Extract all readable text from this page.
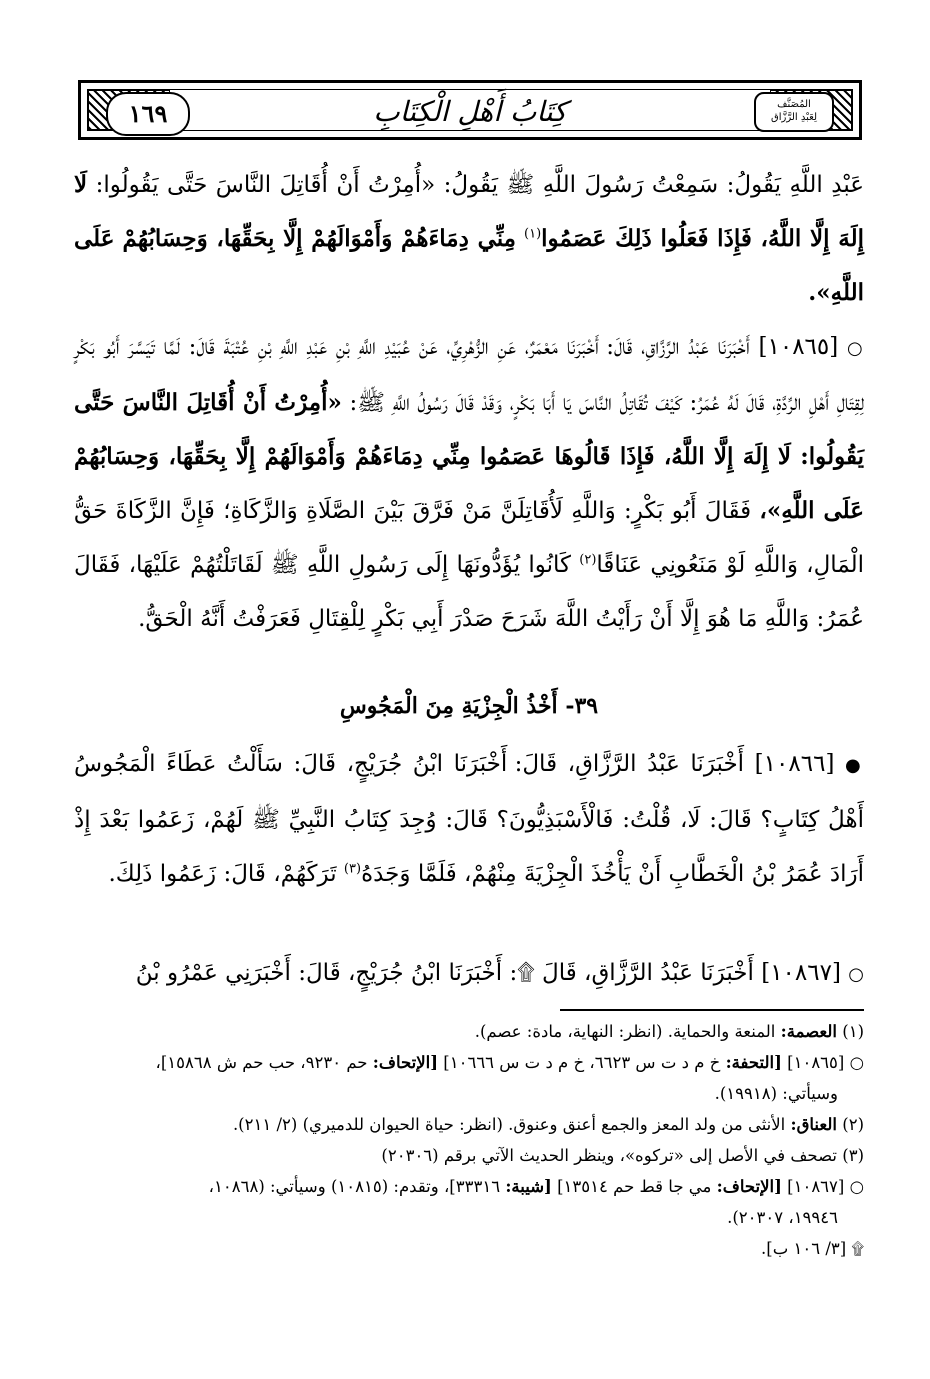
١٦٩	كِتَابُ أَهْلِ الْكِتَابِ	المُصَنَّف
لِعَبْدِ الرَّزَّاق
عَبْدِ اللَّهِ يَقُولُ: سَمِعْتُ رَسُولَ اللَّهِ ﷺ يَقُولُ: «أُمِرْتُ أَنْ أُقَاتِلَ النَّاسَ حَتَّى يَقُولُوا: لَا إِلَهَ إِلَّا اللَّهُ، فَإِذَا فَعَلُوا ذَلِكَ عَصَمُوا$^{(١)}$ مِنِّي دِمَاءَهُمْ وَأَمْوَالَهُمْ إِلَّا بِحَقِّهَا، وَحِسَابُهُمْ عَلَى اللَّهِ».
○ [١٠٨٦٥] أَخْبَرَنَا عَبْدُ الرَّزَّاقِ، قَالَ: أَخْبَرَنَا مَعْمَرٌ، عَنِ الزُّهْرِيِّ، عَنْ عُبَيْدِ اللَّهِ بْنِ عَبْدِ اللَّهِ بْنِ عُتْبَةَ قَالَ: لَمَّا تَيَسَّرَ أَبُو بَكْرٍ لِقِتَالِ أَهْلِ الرِّدَّةِ، قَالَ لَهُ عُمَرُ: كَيْفَ تُقَاتِلُ النَّاسَ يَا أَبَا بَكْرٍ، وَقَدْ قَالَ رَسُولُ اللَّهِ ﷺ: «أُمِرْتُ أَنْ أُقَاتِلَ النَّاسَ حَتَّى يَقُولُوا: لَا إِلَهَ إِلَّا اللَّهُ، فَإِذَا قَالُوهَا عَصَمُوا مِنِّي دِمَاءَهُمْ وَأَمْوَالَهُمْ إِلَّا بِحَقِّهَا، وَحِسَابُهُمْ عَلَى اللَّهِ»، فَقَالَ أَبُو بَكْرٍ: وَاللَّهِ لَأُقَاتِلَنَّ مَنْ فَرَّقَ بَيْنَ الصَّلَاةِ وَالزَّكَاةِ؛ فَإِنَّ الزَّكَاةَ حَقُّ الْمَالِ، وَاللَّهِ لَوْ مَنَعُونِي عَنَاقًا$^{(٢)}$ كَانُوا يُؤَدُّونَهَا إِلَى رَسُولِ اللَّهِ ﷺ لَقَاتَلْتُهُمْ عَلَيْهَا، فَقَالَ عُمَرُ: وَاللَّهِ مَا هُوَ إِلَّا أَنْ رَأَيْتُ اللَّهَ شَرَحَ صَدْرَ أَبِي بَكْرٍ لِلْقِتَالِ فَعَرَفْتُ أَنَّهُ الْحَقُّ.
٣٩- أَخْذُ الْجِزْيَةِ مِنَ الْمَجُوسِ
● [١٠٨٦٦] أَخْبَرَنَا عَبْدُ الرَّزَّاقِ، قَالَ: أَخْبَرَنَا ابْنُ جُرَيْجٍ، قَالَ: سَأَلْتُ عَطَاءً الْمَجُوسُ أَهْلُ كِتَابٍ؟ قَالَ: لَا، قُلْتُ: فَالْأَسْبَذِيُّونَ؟ قَالَ: وُجِدَ كِتَابُ النَّبِيِّ ﷺ لَهُمْ، زَعَمُوا بَعْدَ إِذْ أَرَادَ عُمَرُ بْنُ الْخَطَّابِ أَنْ يَأْخُذَ الْجِزْيَةَ مِنْهُمْ، فَلَمَّا وَجَدَهُ$^{(٣)}$ تَرَكَهُمْ، قَالَ: زَعَمُوا ذَلِكَ.
○ [١٠٨٦٧] أَخْبَرَنَا عَبْدُ الرَّزَّاقِ، قَالَ ۩: أَخْبَرَنَا ابْنُ جُرَيْجٍ، قَالَ: أَخْبَرَنِي عَمْرُو بْنُ

(١) العصمة: المنعة والحماية. (انظر: النهاية، مادة: عصم).

○ [١٠٨٦٥] [التحفة: خ م د ت س ٦٦٢٣، خ م د ت س ١٠٦٦٦] [الإتحاف: حم ٩٢٣٠، حب حم ش ١٥٨٦٨]،

وسيأتي: (١٩٩١٨).

(٢) العناق: الأنثى من ولد المعز والجمع أعنق وعنوق. (انظر: حياة الحيوان للدميري) (٢/ ٢١١).

(٣) تصحف في الأصل إلى «تركوه»، وينظر الحديث الآتي برقم (٢٠٣٠٦)

○ [١٠٨٦٧] [الإتحاف: مي جا قط حم ١٣٥١٤] [شيبة: ٣٣٣١٦]، وتقدم: (١٠٨١٥) وسيأتي: (١٠٨٦٨،

١٩٩٤٦، ٢٠٣٠٧).

۩ [٣/ ١٠٦ ب].
